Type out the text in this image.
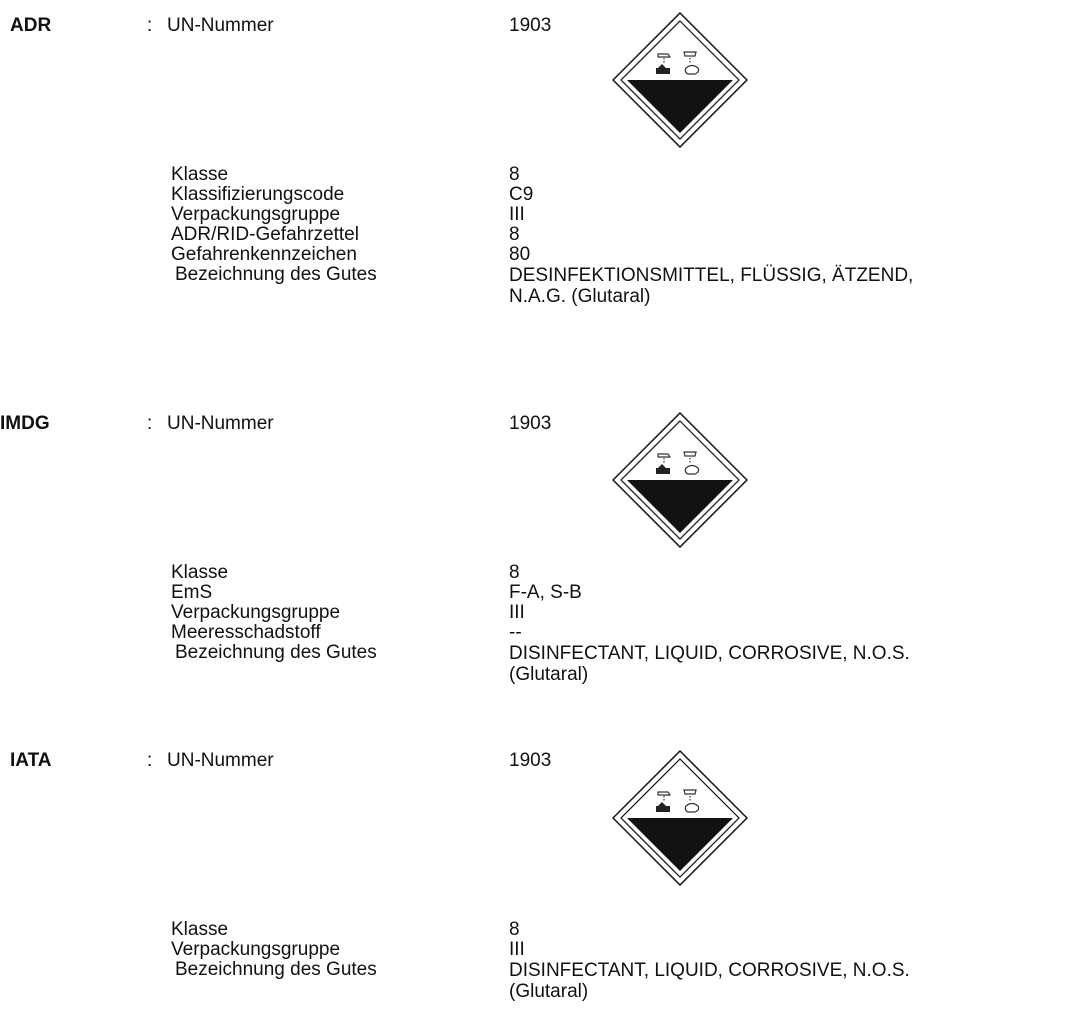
ADR	: UN-Nummer	1903
Klasse	8
Klassifizierungscode	C9
Verpackungsgruppe	III
ADR/RID-Gefahrzettel	8
Gefahrenkennzeichen	80
Bezeichnung des Gutes	DESINFEKTIONSMITTEL, FLÜSSIG, ÄTZEND,
N.A.G. (Glutaral)
IMDG	: UN-Nummer	1903
Klasse	8
EmS	F-A, S-B
Verpackungsgruppe	III
Meeresschadstoff	--
Bezeichnung des Gutes	DISINFECTANT, LIQUID, CORROSIVE, N.O.S.
(Glutaral)
IATA	: UN-Nummer	1903
Klasse	8
Verpackungsgruppe	III
Bezeichnung des Gutes	DISINFECTANT, LIQUID, CORROSIVE, N.O.S.
(Glutaral)
